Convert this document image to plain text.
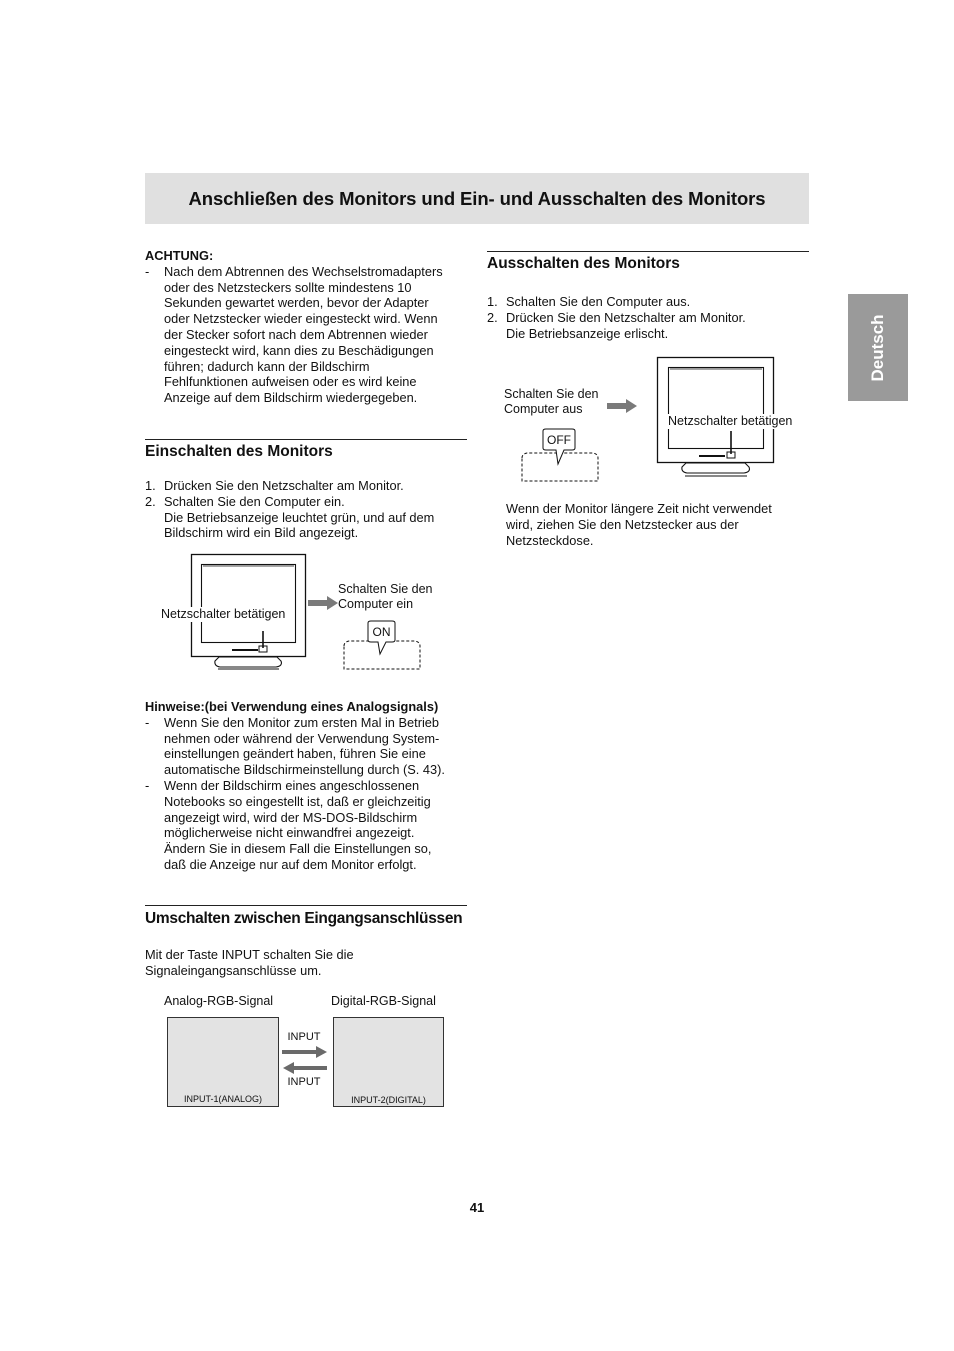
Anschließen des Monitors und Ein- und Ausschalten des Monitors
Deutsch
ACHTUNG:
- Nach dem Abtrennen des Wechselstromadapters
oder des Netzsteckers sollte mindestens 10
Sekunden gewartet werden, bevor der Adapter
oder Netzstecker wieder eingesteckt wird. Wenn
der Stecker sofort nach dem Abtrennen wieder
eingesteckt wird, kann dies zu Beschädigungen
führen; dadurch kann der Bildschirm
Fehlfunktionen aufweisen oder es wird keine
Anzeige auf dem Bildschirm wiedergegeben.
Einschalten des Monitors
1. Drücken Sie den Netzschalter am Monitor.
2. Schalten Sie den Computer ein.
Die Betriebsanzeige leuchtet grün, und auf dem
Bildschirm wird ein Bild angezeigt.
Netzschalter betätigen
Schalten Sie den
Computer ein
ON
Hinweise:(bei Verwendung eines Analogsignals)
- Wenn Sie den Monitor zum ersten Mal in Betrieb
nehmen oder während der Verwendung System-
einstellungen geändert haben, führen Sie eine
automatische Bildschirmeinstellung durch (S. 43).
- Wenn der Bildschirm eines angeschlossenen
Notebooks so eingestellt ist, daß er gleichzeitig
angezeigt wird, wird der MS-DOS-Bildschirm
möglicherweise nicht einwandfrei angezeigt.
Ändern Sie in diesem Fall die Einstellungen so,
daß die Anzeige nur auf dem Monitor erfolgt.
Umschalten zwischen Eingangsanschlüssen
Mit der Taste INPUT schalten Sie die
Signaleingangsanschlüsse um.
Analog-RGB-Signal	Digital-RGB-Signal
INPUT-1(ANALOG)	INPUT-2(DIGITAL)
INPUT
INPUT
Ausschalten des Monitors
1. Schalten Sie den Computer aus.
2. Drücken Sie den Netzschalter am Monitor.
Die Betriebsanzeige erlischt.
Schalten Sie den
Computer aus
OFF
Netzschalter betätigen
Wenn der Monitor längere Zeit nicht verwendet
wird, ziehen Sie den Netzstecker aus der
Netzsteckdose.
41
